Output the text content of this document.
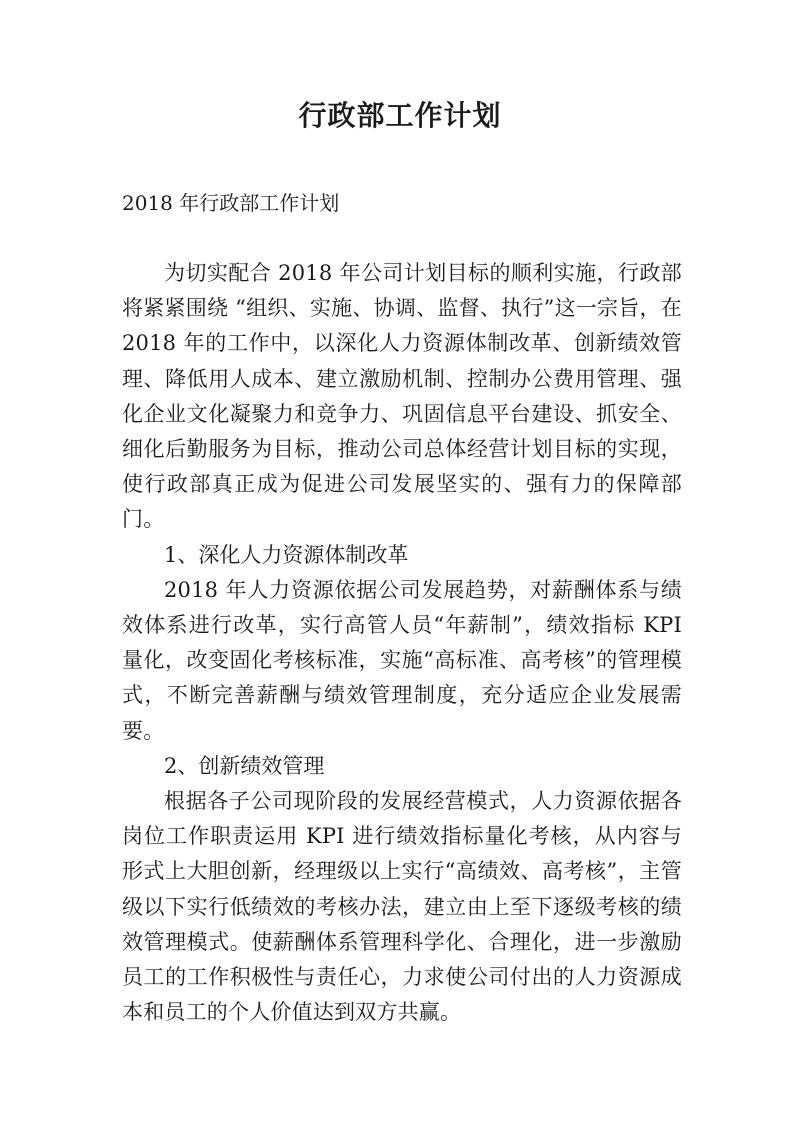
行政部工作计划

2018 年行政部工作计划

为切实配合 2018 年公司计划目标的顺利实施，行政部将紧紧围绕 “组织、实施、协调、监督、执行”这一宗旨，在 2018 年的工作中，以深化人力资源体制改革、创新绩效管理、降低用人成本、建立激励机制、控制办公费用管理、强化企业文化凝聚力和竞争力、巩固信息平台建设、抓安全、细化后勤服务为目标，推动公司总体经营计划目标的实现，使行政部真正成为促进公司发展坚实的、强有力的保障部门。

1、深化人力资源体制改革

2018 年人力资源依据公司发展趋势，对薪酬体系与绩效体系进行改革，实行高管人员“年薪制”，绩效指标 KPI 量化，改变固化考核标准，实施“高标准、高考核”的管理模式，不断完善薪酬与绩效管理制度，充分适应企业发展需要。

2、创新绩效管理

根据各子公司现阶段的发展经营模式，人力资源依据各岗位工作职责运用 KPI 进行绩效指标量化考核，从内容与形式上大胆创新，经理级以上实行“高绩效、高考核”，主管级以下实行低绩效的考核办法，建立由上至下逐级考核的绩效管理模式。使薪酬体系管理科学化、合理化，进一步激励员工的工作积极性与责任心，力求使公司付出的人力资源成本和员工的个人价值达到双方共赢。
